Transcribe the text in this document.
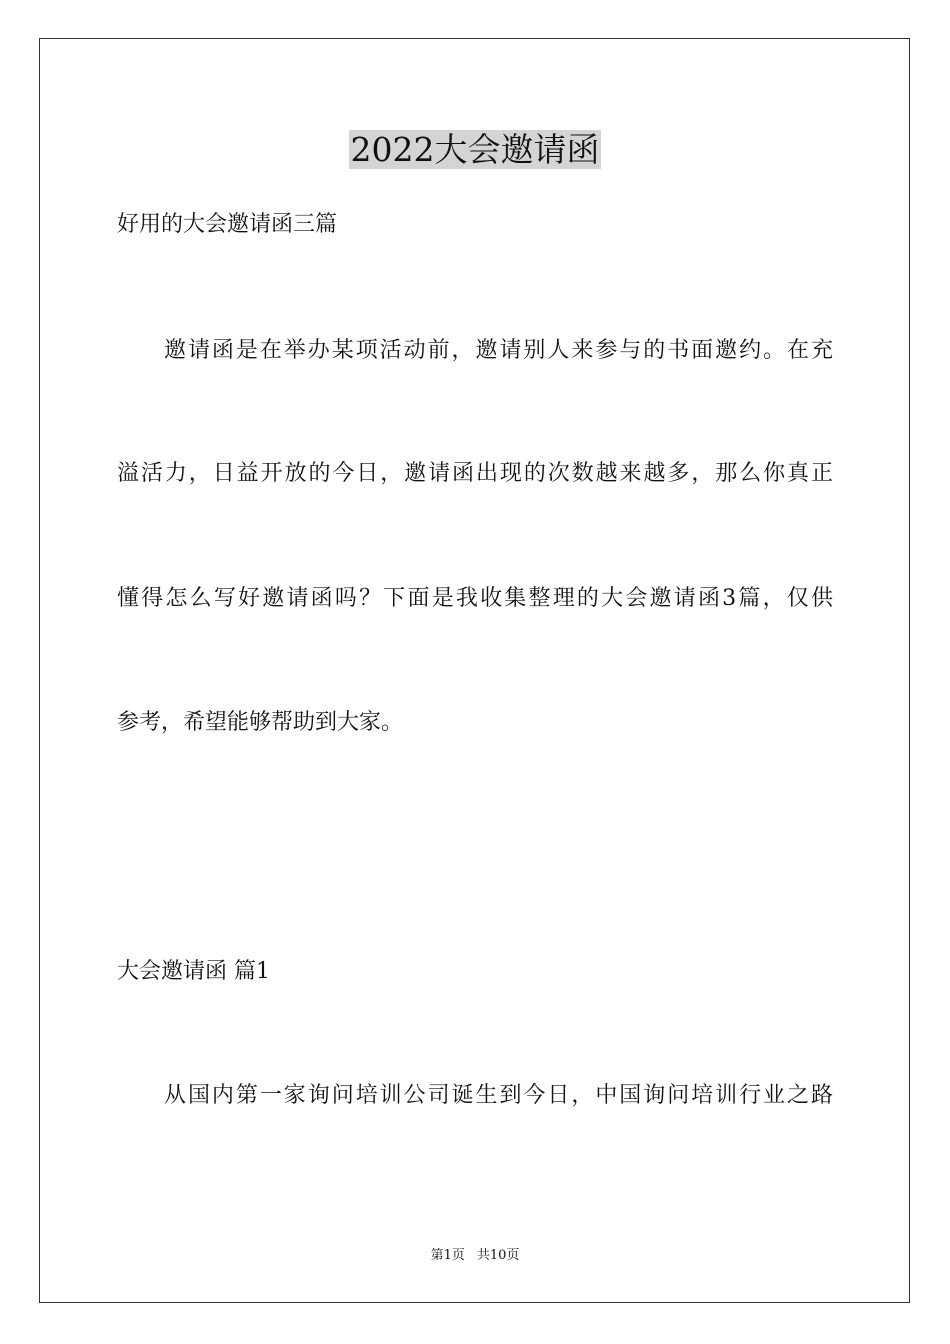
2022大会邀请函
好用的大会邀请函三篇
邀请函是在举办某项活动前，邀请别人来参与的书面邀约。在充
溢活力，日益开放的今日，邀请函出现的次数越来越多，那么你真正
懂得怎么写好邀请函吗？下面是我收集整理的大会邀请函3篇，仅供
参考，希望能够帮助到大家。
大会邀请函 篇1
从国内第一家询问培训公司诞生到今日，中国询问培训行业之路
第1页 共10页
